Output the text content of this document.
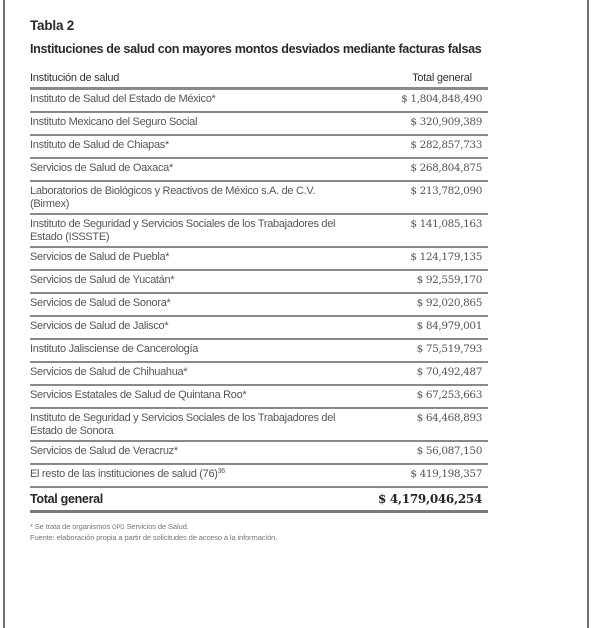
Tabla 2

Instituciones de salud con mayores montos desviados mediante facturas falsas

Institución de salud	Total general
Instituto de Salud del Estado de México*	$ 1,804,848,490
Instituto Mexicano del Seguro Social	$ 320,909,389
Instituto de Salud de Chiapas*	$ 282,857,733
Servicios de Salud de Oaxaca*	$ 268,804,875
Laboratorios de Biológicos y Reactivos de México s.A. de C.V. (Birmex)	$ 213,782,090
Instituto de Seguridad y Servicios Sociales de los Trabajadores del Estado (ISSSTE)	$ 141,085,163
Servicios de Salud de Puebla*	$ 124,179,135
Servicios de Salud de Yucatán*	$ 92,559,170
Servicios de Salud de Sonora*	$ 92,020,865
Servicios de Salud de Jalisco*	$ 84,979,001
Instituto Jalisciense de Cancerología	$ 75,519,793
Servicios de Salud de Chihuahua*	$ 70,492,487
Servicios Estatales de Salud de Quintana Roo*	$ 67,253,663
Instituto de Seguridad y Servicios Sociales de los Trabajadores del Estado de Sonora	$ 64,468,893
Servicios de Salud de Veracruz*	$ 56,087,150
El resto de las instituciones de salud $(76)^{36}$	$ 419,198,357
Total general	$ 4,179,046,254
* Se trata de organismos OPD Servicios de Salud.
Fuente: elaboración propia a partir de solicitudes de acceso a la información.
